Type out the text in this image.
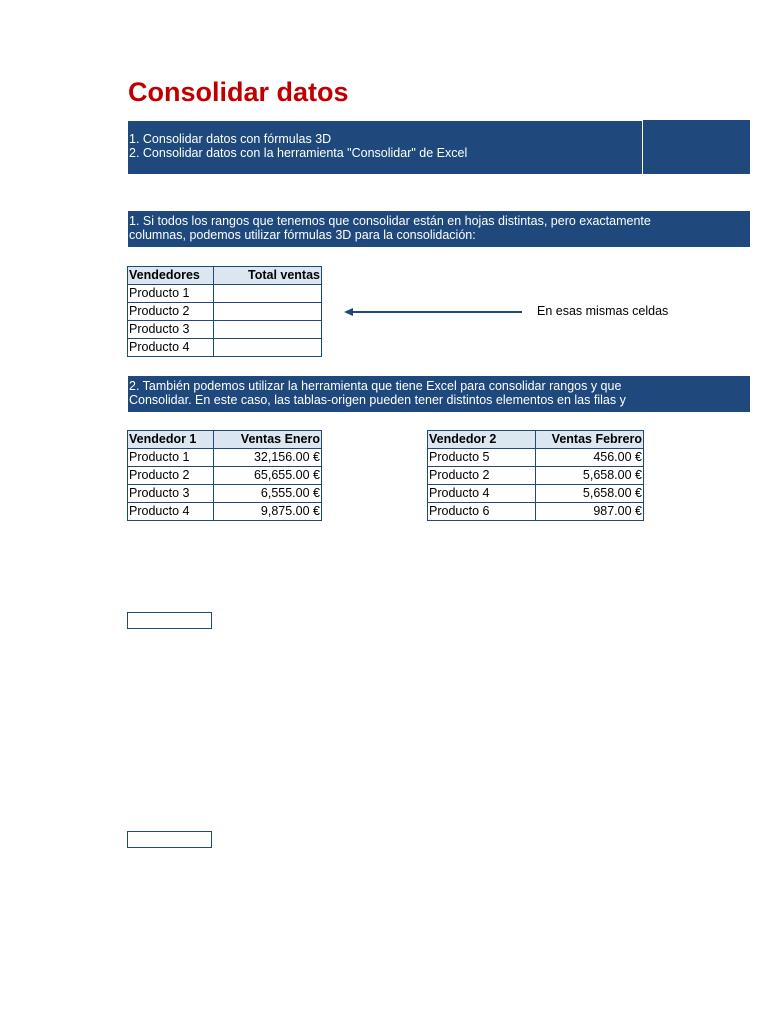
Consolidar datos
1. Consolidar datos con fórmulas 3D
2. Consolidar datos con la herramienta "Consolidar" de Excel
1. Si todos los rangos que tenemos que consolidar están en hojas distintas, pero exactamente
columnas, podemos utilizar fórmulas 3D para la consolidación:
Vendedores	Total ventas
Producto 1	
Producto 2	
Producto 3	
Producto 4	
En esas mismas celdas
2. También podemos utilizar la herramienta que tiene Excel para consolidar rangos y que
Consolidar. En este caso, las tablas-origen pueden tener distintos elementos en las filas y
Vendedor 1	Ventas Enero
Producto 1	32,156.00 €
Producto 2	65,655.00 €
Producto 3	6,555.00 €
Producto 4	9,875.00 €
Vendedor 2	Ventas Febrero
Producto 5	456.00 €
Producto 2	5,658.00 €
Producto 4	5,658.00 €
Producto 6	987.00 €
